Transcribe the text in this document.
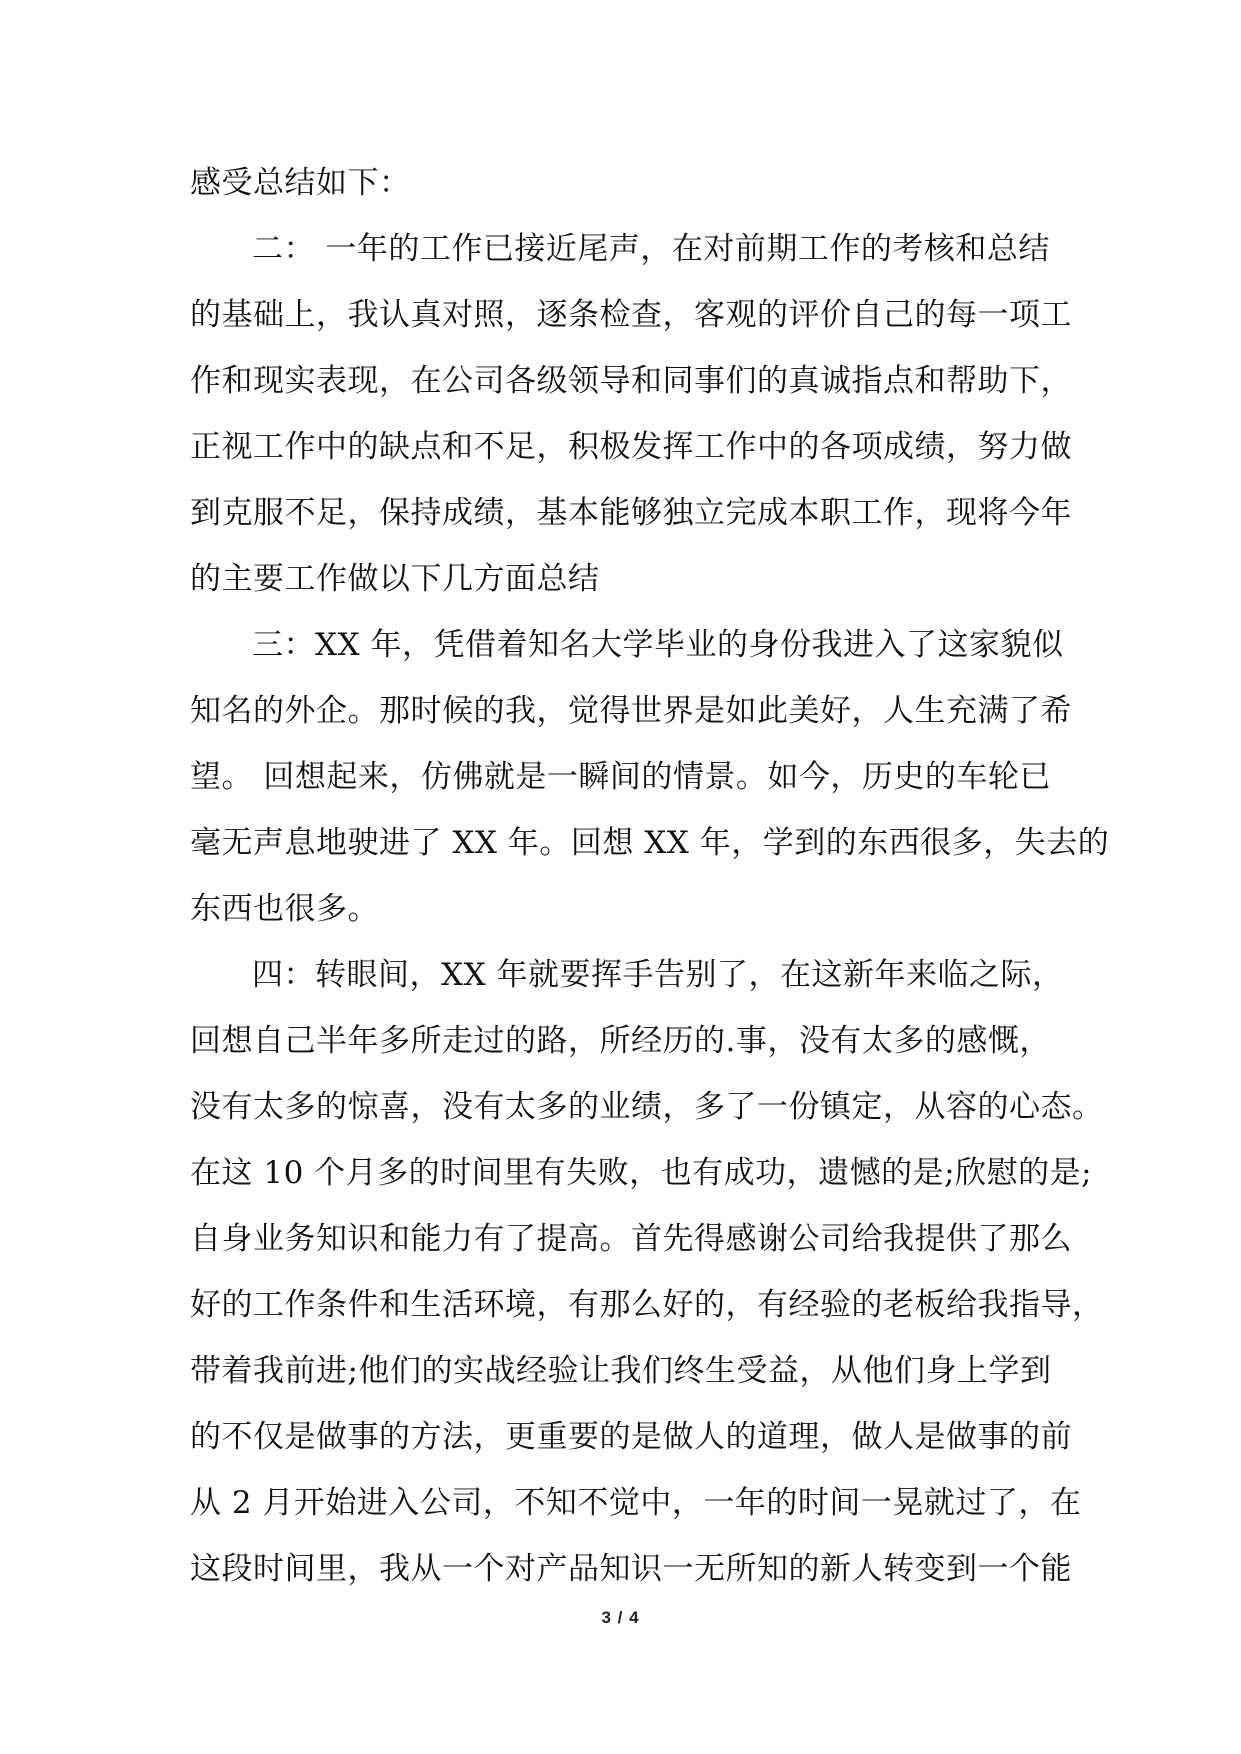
感受总结如下：
二： 一年的工作已接近尾声，在对前期工作的考核和总结
的基础上，我认真对照，逐条检查，客观的评价自己的每一项工
作和现实表现，在公司各级领导和同事们的真诚指点和帮助下，
正视工作中的缺点和不足，积极发挥工作中的各项成绩，努力做
到克服不足，保持成绩，基本能够独立完成本职工作，现将今年
的主要工作做以下几方面总结
三：XX 年，凭借着知名大学毕业的身份我进入了这家貌似
知名的外企。那时候的我，觉得世界是如此美好，人生充满了希
望。 回想起来，仿佛就是一瞬间的情景。如今，历史的车轮已
毫无声息地驶进了 XX 年。回想 XX 年，学到的东西很多，失去的
东西也很多。
四：转眼间，XX 年就要挥手告别了，在这新年来临之际，
回想自己半年多所走过的路，所经历的.事，没有太多的感慨，
没有太多的惊喜，没有太多的业绩，多了一份镇定，从容的心态。
在这 10 个月多的时间里有失败，也有成功，遗憾的是;欣慰的是;
自身业务知识和能力有了提高。首先得感谢公司给我提供了那么
好的工作条件和生活环境，有那么好的，有经验的老板给我指导，
带着我前进;他们的实战经验让我们终生受益，从他们身上学到
的不仅是做事的方法，更重要的是做人的道理，做人是做事的前
从 2 月开始进入公司，不知不觉中，一年的时间一晃就过了，在
这段时间里，我从一个对产品知识一无所知的新人转变到一个能
3 / 4
